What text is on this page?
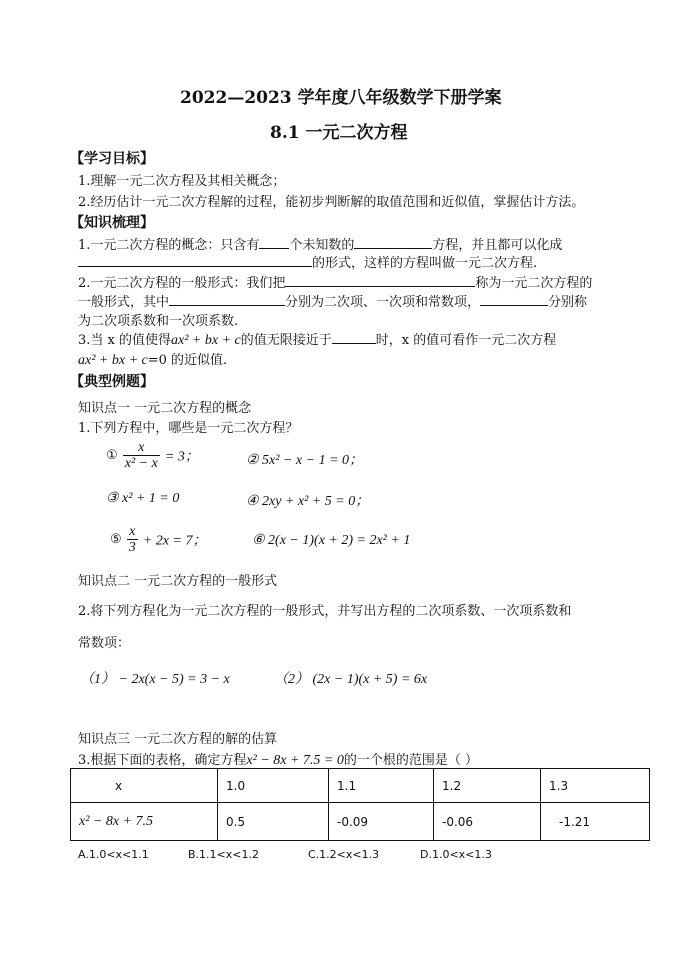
2022—2023 学年度八年级数学下册学案
8.1 一元二次方程
【学习目标】
1.理解一元二次方程及其相关概念；
2.经历估计一元二次方程解的过程，能初步判断解的取值范围和近似值，掌握估计方法。
【知识梳理】
1.一元二次方程的概念：只含有 个未知数的	方程，并且都可以化成
的形式，这样的方程叫做一元二次方程.
2.一元二次方程的一般形式：我们把	称为一元二次方程的
一般形式，其中	分别为二次项、一次项和常数项，	分别称
为二次项系数和一次项系数.
3.当 x 的值使得ax² + bx + c的值无限接近于	时，x 的值可看作一元二次方程
ax² + bx + c=0 的近似值.
【典型例题】
知识点一 一元二次方程的概念
1.下列方程中，哪些是一元二次方程？
① $\frac{x}{\text{x² − x}} = 3$；	② 5x² − x − 1 = 0；
③ x² + 1 = 0	④ 2xy + x² + 5 = 0；
⑤ $\frac{x}{3} + 2x = 7$；	⑥ 2(x − 1)(x + 2) = 2x² + 1
知识点二 一元二次方程的一般形式
2.将下列方程化为一元二次方程的一般形式，并写出方程的二次项系数、一次项系数和
常数项：
（1） − 2x(x − 5) = 3 − x	（2） (2x − 1)(x + 5) = 6x
知识点三 一元二次方程的解的估算
3.根据下面的表格，确定方程x² − 8x + 7.5 = 0的一个根的范围是（ ）
x	1.0	1.1	1.2	1.3
x² − 8x + 7.5	0.5	-0.09	-0.06	-1.21
A.1.0<x<1.1	B.1.1<x<1.2	C.1.2<x<1.3	D.1.0<x<1.3
